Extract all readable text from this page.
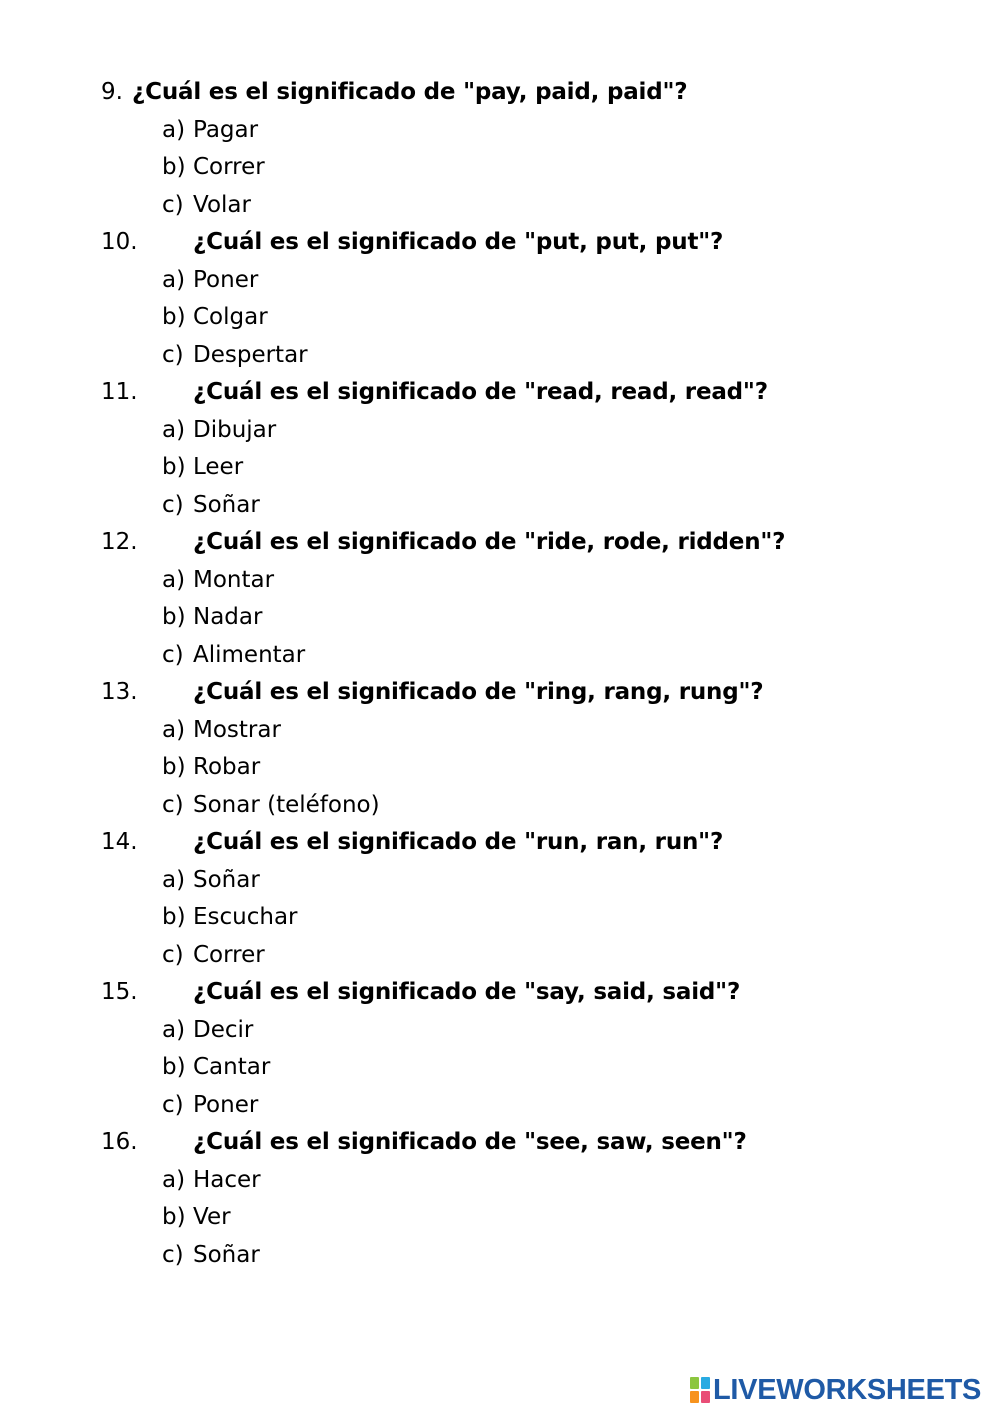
9. ¿Cuál es el significado de "pay, paid, paid"?
a) Pagar
b) Correr
c) Volar
10. ¿Cuál es el significado de "put, put, put"?
a) Poner
b) Colgar
c) Despertar
11. ¿Cuál es el significado de "read, read, read"?
a) Dibujar
b) Leer
c) Soñar
12. ¿Cuál es el significado de "ride, rode, ridden"?
a) Montar
b) Nadar
c) Alimentar
13. ¿Cuál es el significado de "ring, rang, rung"?
a) Mostrar
b) Robar
c) Sonar (teléfono)
14. ¿Cuál es el significado de "run, ran, run"?
a) Soñar
b) Escuchar
c) Correr
15. ¿Cuál es el significado de "say, said, said"?
a) Decir
b) Cantar
c) Poner
16. ¿Cuál es el significado de "see, saw, seen"?
a) Hacer
b) Ver
c) Soñar
LIVEWORKSHEETS
